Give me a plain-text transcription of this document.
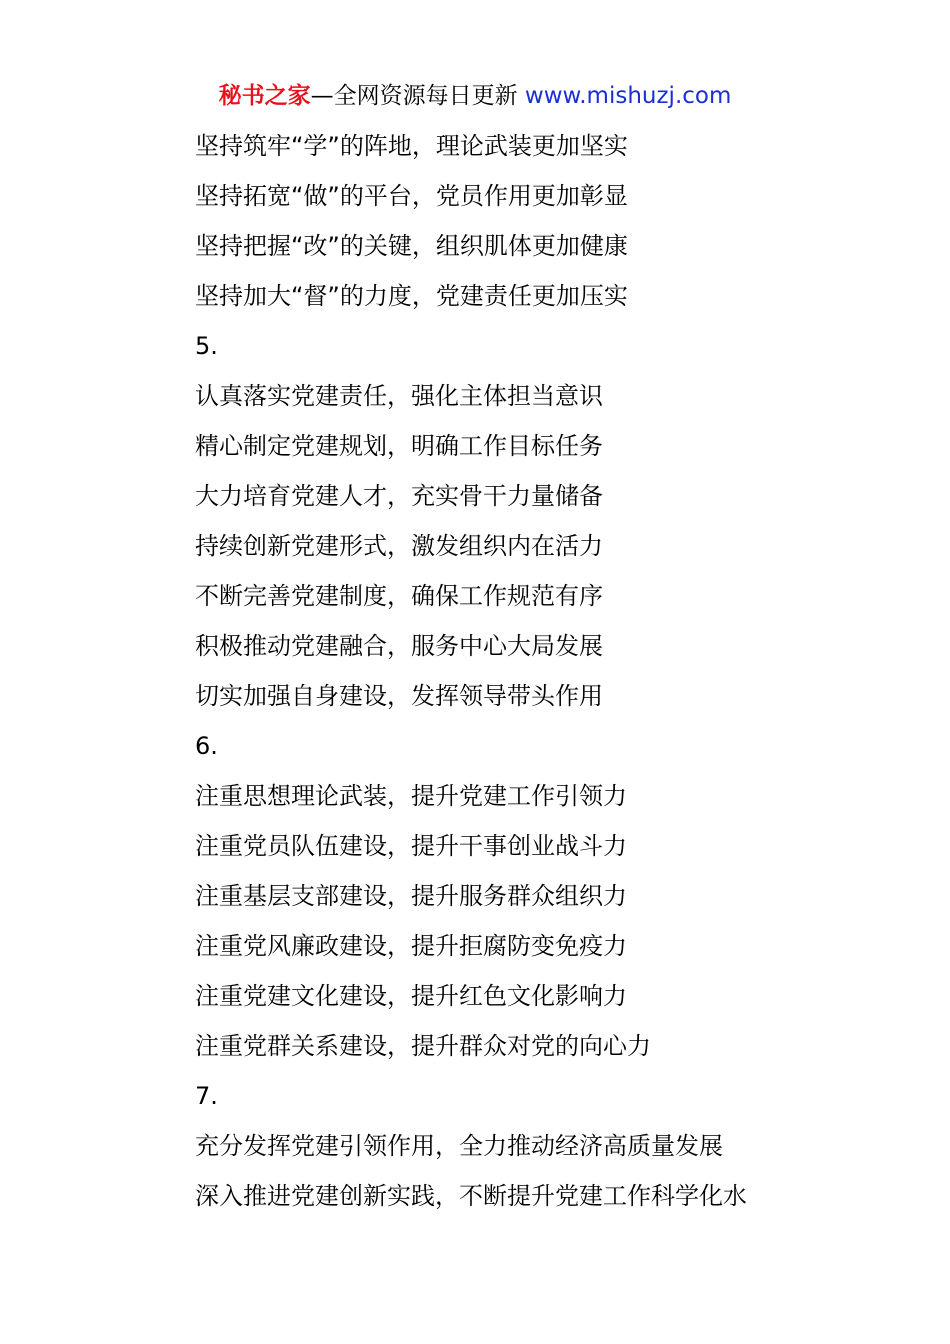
秘书之家—全网资源每日更新 www.mishuzj.com

坚持筑牢“学”的阵地，理论武装更加坚实

坚持拓宽“做”的平台，党员作用更加彰显

坚持把握“改”的关键，组织肌体更加健康

坚持加大“督”的力度，党建责任更加压实

5.

认真落实党建责任，强化主体担当意识

精心制定党建规划，明确工作目标任务

大力培育党建人才，充实骨干力量储备

持续创新党建形式，激发组织内在活力

不断完善党建制度，确保工作规范有序

积极推动党建融合，服务中心大局发展

切实加强自身建设，发挥领导带头作用

6.

注重思想理论武装，提升党建工作引领力

注重党员队伍建设，提升干事创业战斗力

注重基层支部建设，提升服务群众组织力

注重党风廉政建设，提升拒腐防变免疫力

注重党建文化建设，提升红色文化影响力

注重党群关系建设，提升群众对党的向心力

7.

充分发挥党建引领作用，全力推动经济高质量发展

深入推进党建创新实践，不断提升党建工作科学化水
